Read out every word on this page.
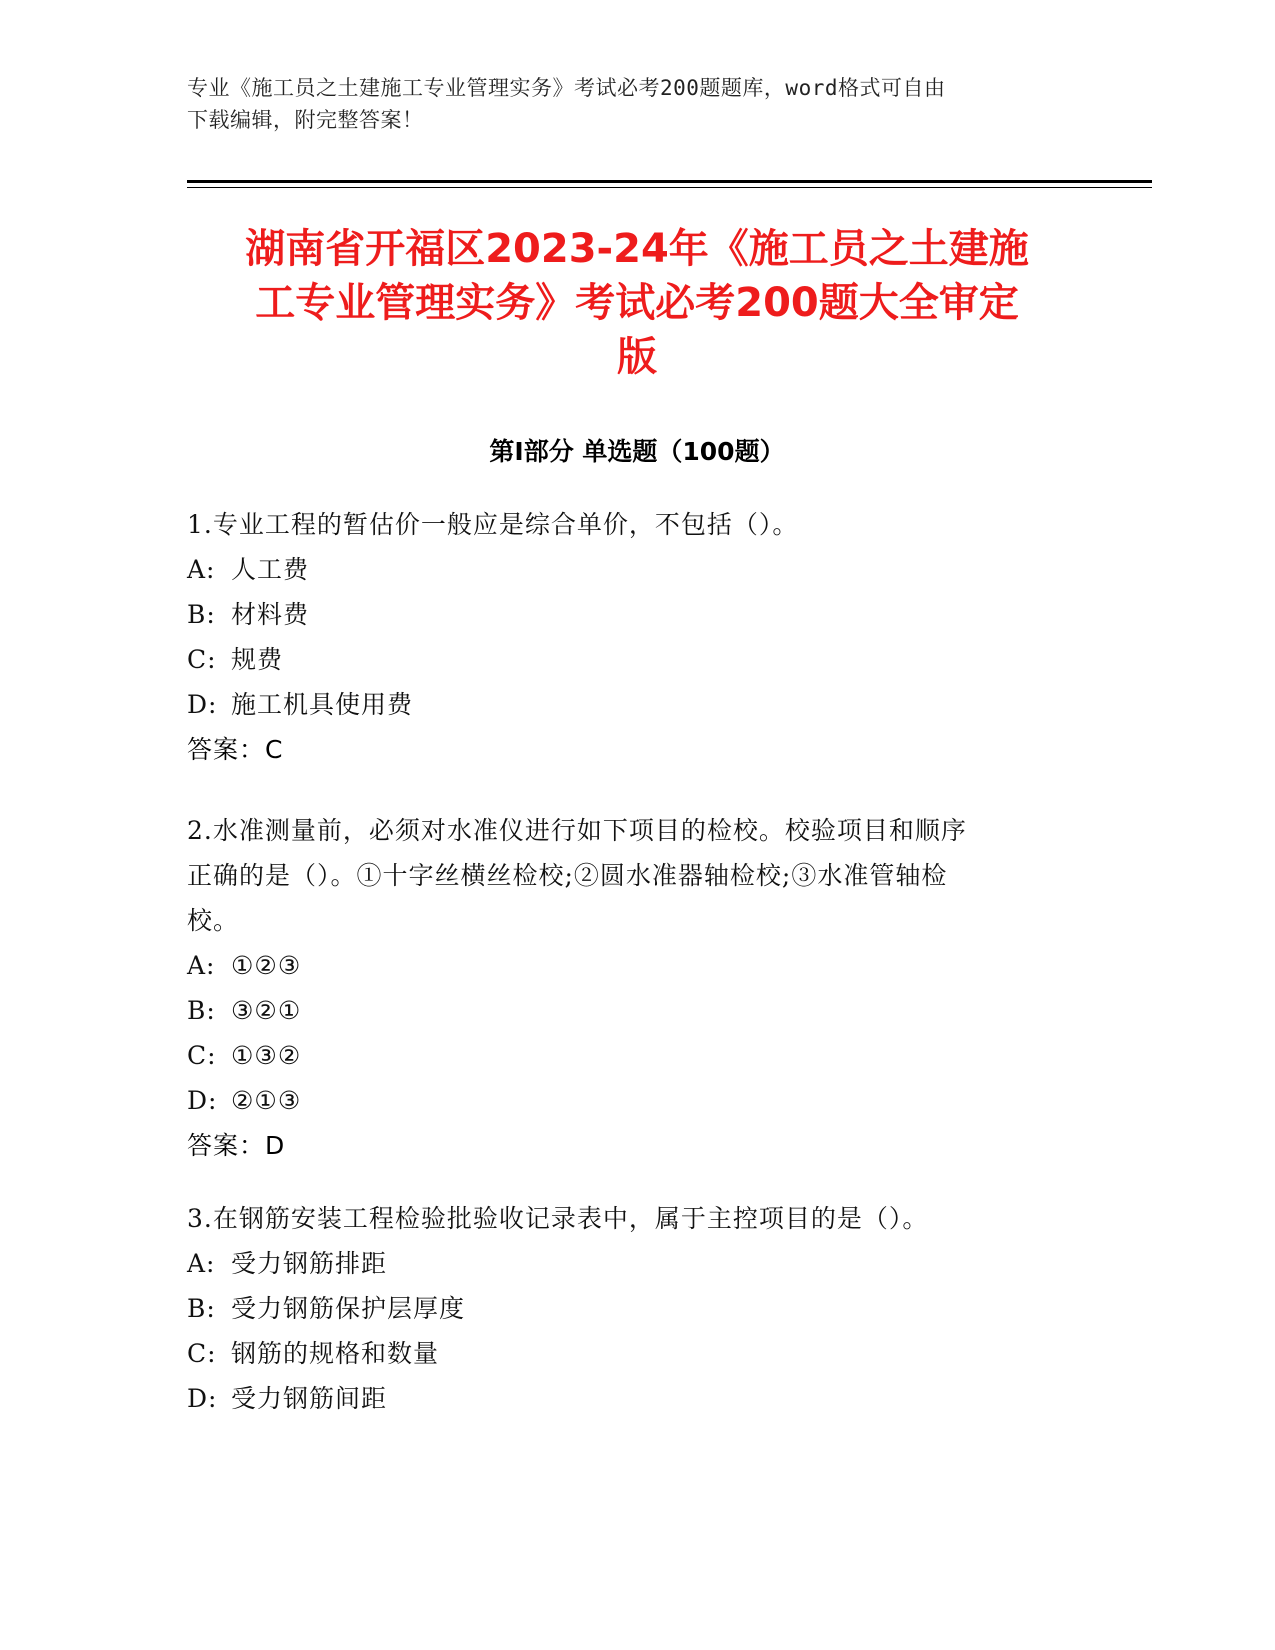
专业《施工员之土建施工专业管理实务》考试必考200题题库，word格式可自由
下载编辑，附完整答案！
湖南省开福区2023-24年《施工员之土建施
工专业管理实务》考试必考200题大全审定
版
第Ⅰ部分 单选题（100题）

1.专业工程的暂估价一般应是综合单价，不包括（）。

A: 人工费

B: 材料费

C: 规费

D: 施工机具使用费

答案：C

2.水准测量前，必须对水准仪进行如下项目的检校。校验项目和顺序

正确的是（）。①十字丝横丝检校;②圆水准器轴检校;③水准管轴检

校。

A: ①②③

B: ③②①

C: ①③②

D: ②①③

答案：D

3.在钢筋安装工程检验批验收记录表中，属于主控项目的是（）。

A: 受力钢筋排距

B: 受力钢筋保护层厚度

C: 钢筋的规格和数量

D: 受力钢筋间距
